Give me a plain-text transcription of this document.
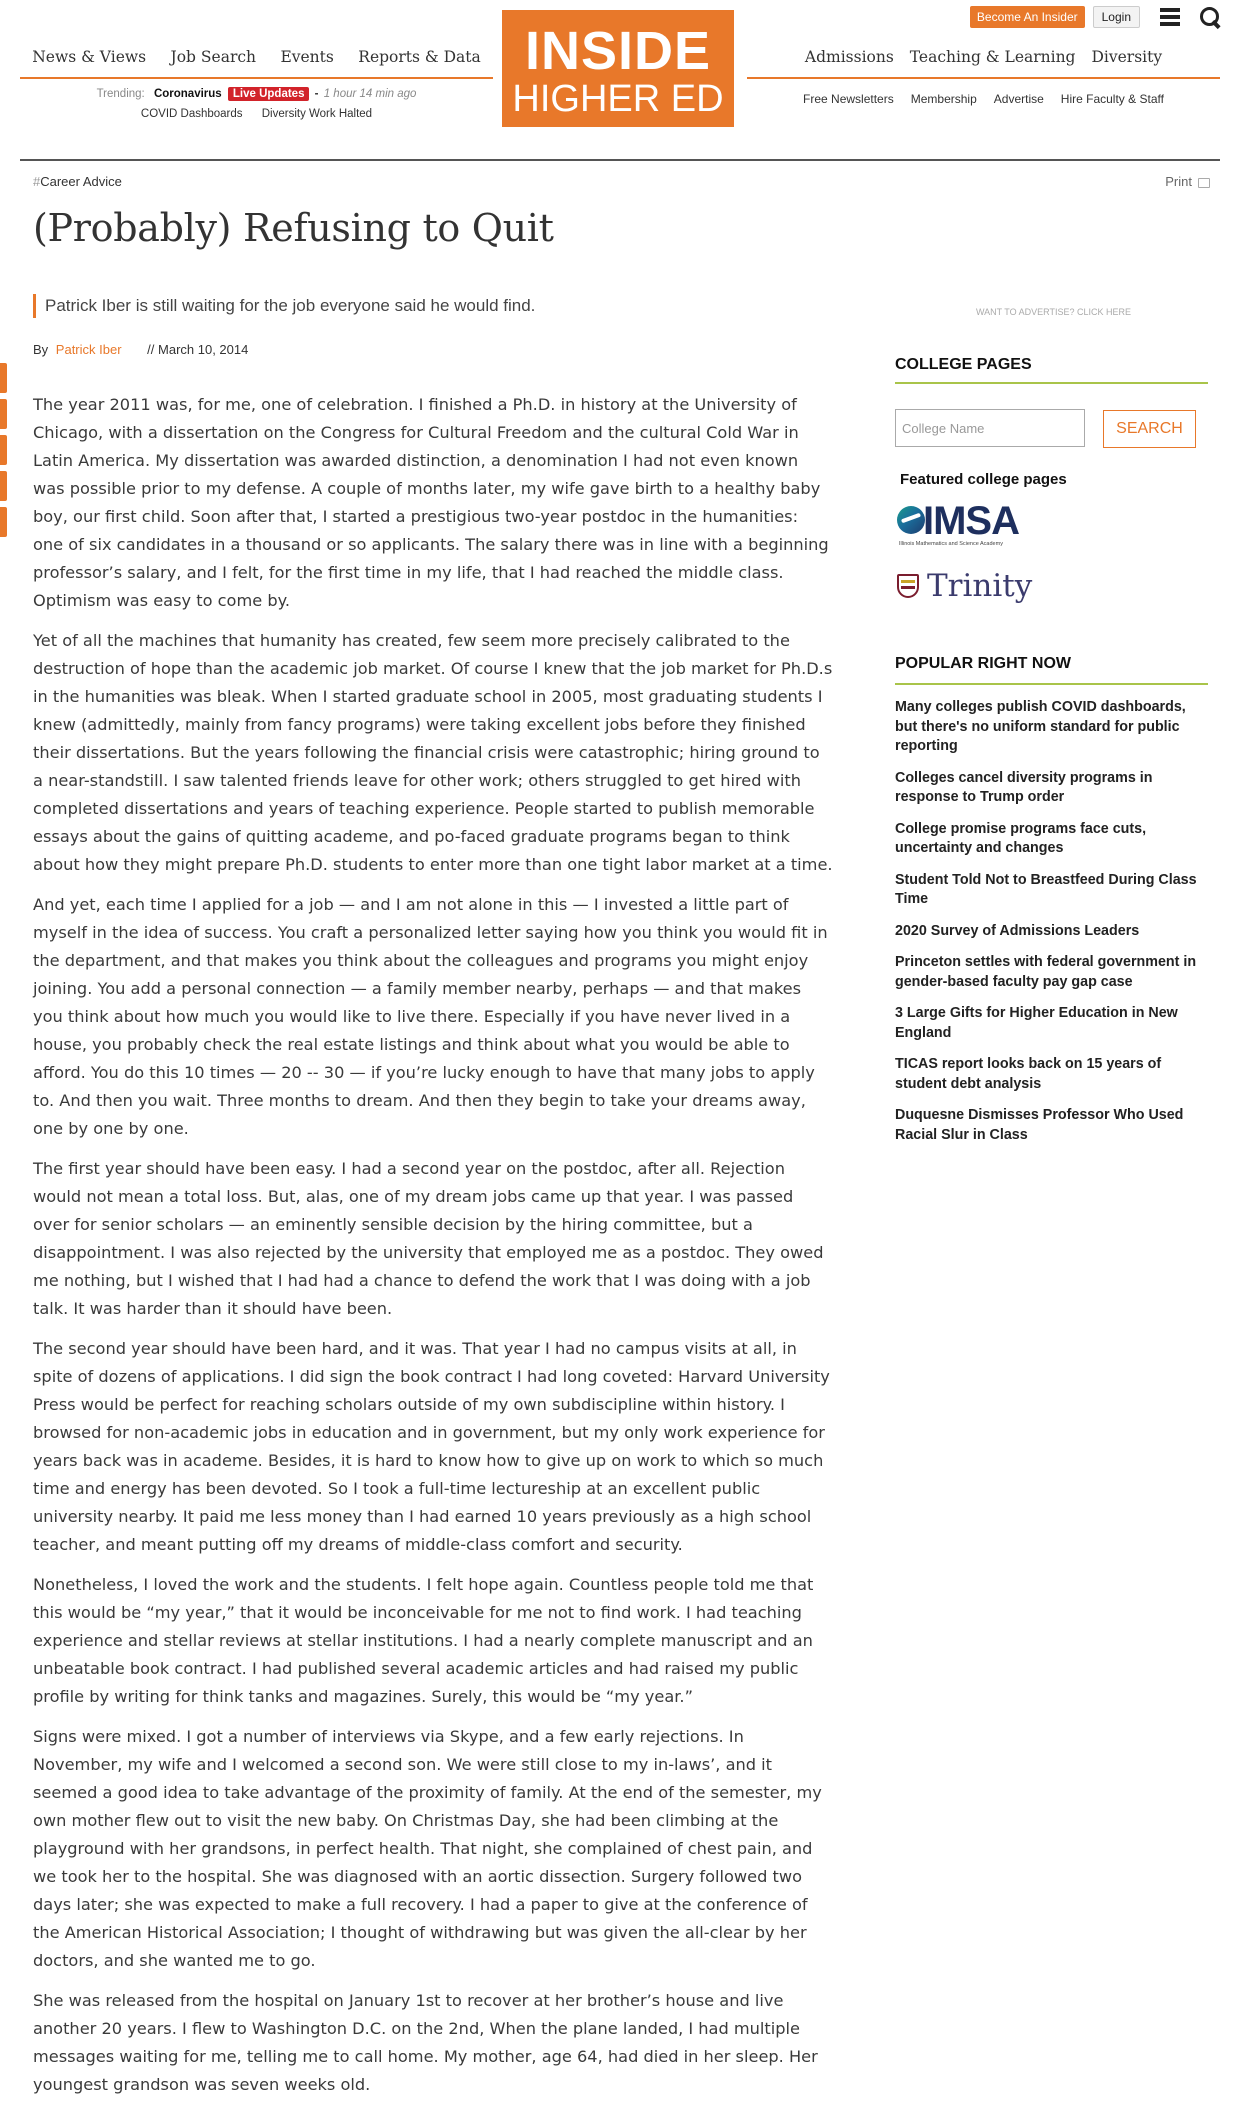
Become An Insider	Login
News & Views Job Search Events Reports & Data
Trending: Coronavirus Live Updates - 1 hour 14 min ago
COVID Dashboards Diversity Work Halted
INSIDE
HIGHER ED
Admissions Teaching & Learning Diversity
Free Newsletters Membership Advertise Hire Faculty & Staff
#Career Advice	Print
(Probably) Refusing to Quit
Patrick Iber is still waiting for the job everyone said he would find.
By Patrick Iber // March 10, 2014

The year 2011 was, for me, one of celebration. I finished a Ph.D. in history at the University of Chicago, with a dissertation on the Congress for Cultural Freedom and the cultural Cold War in Latin America. My dissertation was awarded distinction, a denomination I had not even known was possible prior to my defense. A couple of months later, my wife gave birth to a healthy baby boy, our first child. Soon after that, I started a prestigious two-year postdoc in the humanities: one of six candidates in a thousand or so applicants. The salary there was in line with a beginning professor’s salary, and I felt, for the first time in my life, that I had reached the middle class. Optimism was easy to come by.

Yet of all the machines that humanity has created, few seem more precisely calibrated to the destruction of hope than the academic job market. Of course I knew that the job market for Ph.D.s in the humanities was bleak. When I started graduate school in 2005, most graduating students I knew (admittedly, mainly from fancy programs) were taking excellent jobs before they finished their dissertations. But the years following the financial crisis were catastrophic; hiring ground to a near-standstill. I saw talented friends leave for other work; others struggled to get hired with completed dissertations and years of teaching experience. People started to publish memorable essays about the gains of quitting academe, and po-faced graduate programs began to think about how they might prepare Ph.D. students to enter more than one tight labor market at a time.

And yet, each time I applied for a job — and I am not alone in this — I invested a little part of myself in the idea of success. You craft a personalized letter saying how you think you would fit in the department, and that makes you think about the colleagues and programs you might enjoy joining. You add a personal connection — a family member nearby, perhaps — and that makes you think about how much you would like to live there. Especially if you have never lived in a house, you probably check the real estate listings and think about what you would be able to afford. You do this 10 times — 20 -- 30 — if you’re lucky enough to have that many jobs to apply to. And then you wait. Three months to dream. And then they begin to take your dreams away, one by one by one.

The first year should have been easy. I had a second year on the postdoc, after all. Rejection would not mean a total loss. But, alas, one of my dream jobs came up that year. I was passed over for senior scholars — an eminently sensible decision by the hiring committee, but a disappointment. I was also rejected by the university that employed me as a postdoc. They owed me nothing, but I wished that I had had a chance to defend the work that I was doing with a job talk. It was harder than it should have been.

The second year should have been hard, and it was. That year I had no campus visits at all, in spite of dozens of applications. I did sign the book contract I had long coveted: Harvard University Press would be perfect for reaching scholars outside of my own subdiscipline within history. I browsed for non-academic jobs in education and in government, but my only work experience for years back was in academe. Besides, it is hard to know how to give up on work to which so much time and energy has been devoted. So I took a full-time lectureship at an excellent public university nearby. It paid me less money than I had earned 10 years previously as a high school teacher, and meant putting off my dreams of middle-class comfort and security.

Nonetheless, I loved the work and the students. I felt hope again. Countless people told me that this would be “my year,” that it would be inconceivable for me not to find work. I had teaching experience and stellar reviews at stellar institutions. I had a nearly complete manuscript and an unbeatable book contract. I had published several academic articles and had raised my public profile by writing for think tanks and magazines. Surely, this would be “my year.”

Signs were mixed. I got a number of interviews via Skype, and a few early rejections. In November, my wife and I welcomed a second son. We were still close to my in-laws’, and it seemed a good idea to take advantage of the proximity of family. At the end of the semester, my own mother flew out to visit the new baby. On Christmas Day, she had been climbing at the playground with her grandsons, in perfect health. That night, she complained of chest pain, and we took her to the hospital. She was diagnosed with an aortic dissection. Surgery followed two days later; she was expected to make a full recovery. I had a paper to give at the conference of the American Historical Association; I thought of withdrawing but was given the all-clear by her doctors, and she wanted me to go.

She was released from the hospital on January 1st to recover at her brother’s house and live another 20 years. I flew to Washington D.C. on the 2nd, When the plane landed, I had multiple messages waiting for me, telling me to call home. My mother, age 64, had died in her sleep. Her youngest grandson was seven weeks old.

WANT TO ADVERTISE? CLICK HERE
COLLEGE PAGES
College Name
SEARCH
Featured college pages
IMSA
Illinois Mathematics and Science Academy
Trinity
POPULAR RIGHT NOW
Many colleges publish COVID dashboards, but there's no uniform standard for public reporting
Colleges cancel diversity programs in response to Trump order
College promise programs face cuts, uncertainty and changes
Student Told Not to Breastfeed During Class Time
2020 Survey of Admissions Leaders
Princeton settles with federal government in gender-based faculty pay gap case
3 Large Gifts for Higher Education in New England
TICAS report looks back on 15 years of student debt analysis
Duquesne Dismisses Professor Who Used Racial Slur in Class
